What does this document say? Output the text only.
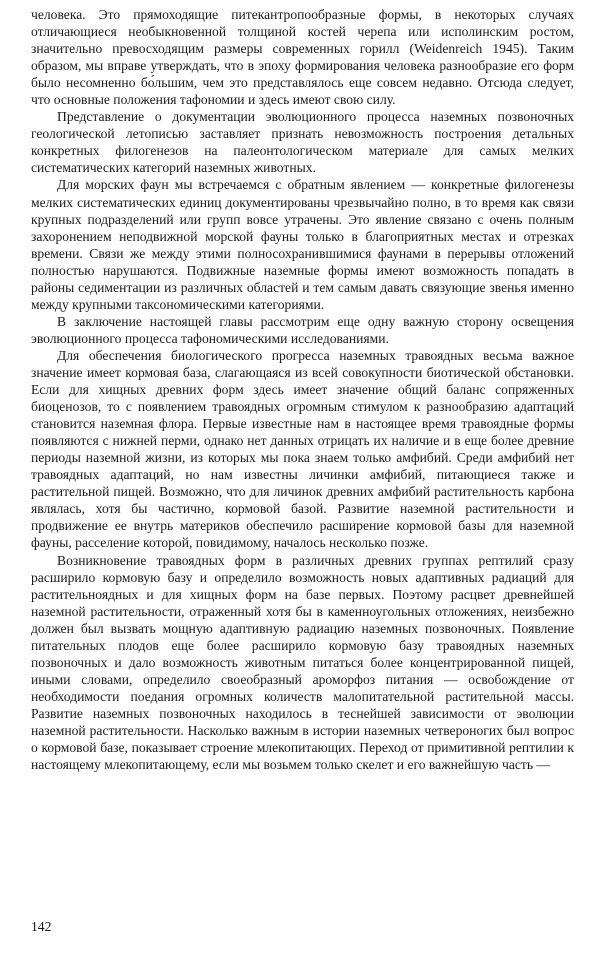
человека. Это прямоходящие питекантропообразные формы, в некоторых случаях отличающиеся необыкновенной толщиной костей черепа или исполинским ростом, значительно превосходящим размеры современных горилл (Weidenreich 1945). Таким образом, мы вправе утверждать, что в эпоху формирования человека разнообразие его форм было несомненно бо́льшим, чем это представлялось еще совсем недавно. Отсюда следует, что основные положения тафономии и здесь имеют свою силу.

Представление о документации эволюционного процесса наземных позвоночных геологической летописью заставляет признать невозможность построения детальных конкретных филогенезов на палеонтологическом материале для самых мелких систематических категорий наземных животных.

Для морских фаун мы встречаемся с обратным явлением — конкретные филогенезы мелких систематических единиц документированы чрезвычайно полно, в то время как связи крупных подразделений или групп вовсе утрачены. Это явление связано с очень полным захоронением неподвижной морской фауны только в благоприятных местах и отрезках времени. Связи же между этими полносохранившимися фаунами в перерывы отложений полностью нарушаются. Подвижные наземные формы имеют возможность попадать в районы седиментации из различных областей и тем самым давать связующие звенья именно между крупными таксономическими категориями.

В заключение настоящей главы рассмотрим еще одну важную сторону освещения эволюционного процесса тафономическими исследованиями.

Для обеспечения биологического прогресса наземных травоядных весьма важное значение имеет кормовая база, слагающаяся из всей совокупности биотической обстановки. Если для хищных древних форм здесь имеет значение общий баланс сопряженных биоценозов, то с появлением травоядных огромным стимулом к разнообразию адаптаций становится наземная флора. Первые известные нам в настоящее время травоядные формы появляются с нижней перми, однако нет данных отрицать их наличие и в еще более древние периоды наземной жизни, из которых мы пока знаем только амфибий. Среди амфибий нет травоядных адаптаций, но нам известны личинки амфибий, питающиеся также и растительной пищей. Возможно, что для личинок древних амфибий растительность карбона являлась, хотя бы частично, кормовой базой. Развитие наземной растительности и продвижение ее внутрь материков обеспечило расширение кормовой базы для наземной фауны, расселение которой, повидимому, началось несколько позже.

Возникновение травоядных форм в различных древних группах рептилий сразу расширило кормовую базу и определило возможность новых адаптивных радиаций для растительноядных и для хищных форм на базе первых. Поэтому расцвет древнейшей наземной растительности, отраженный хотя бы в каменноугольных отложениях, неизбежно должен был вызвать мощную адаптивную радиацию наземных позвоночных. Появление питательных плодов еще более расширило кормовую базу травоядных наземных позвоночных и дало возможность животным питаться более концентрированной пищей, иными словами, определило своеобразный ароморфоз питания — освобождение от необходимости поедания огромных количеств малопитательной растительной массы. Развитие наземных позвоночных находилось в теснейшей зависимости от эволюции наземной растительности. Насколько важным в истории наземных четвероногих был вопрос о кормовой базе, показывает строение млекопитающих. Переход от примитивной рептилии к настоящему млекопитающему, если мы возьмем только скелет и его важнейшую часть —

142
